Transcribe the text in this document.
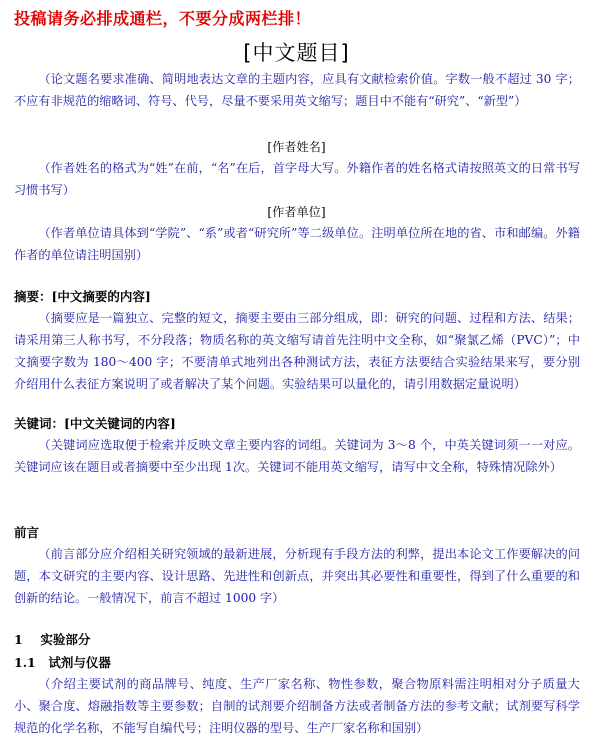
投稿请务必排成通栏，不要分成两栏排！
[中文题目]
（论文题名要求准确、简明地表达文章的主题内容，应具有文献检索价值。字数一般不超过 30 字；不应有非规范的缩略词、符号、代号，尽量不要采用英文缩写；题目中不能有“研究”、“新型”）
[作者姓名]
（作者姓名的格式为“姓”在前，“名”在后，首字母大写。外籍作者的姓名格式请按照英文的日常书写习惯书写）
[作者单位]
（作者单位请具体到“学院”、“系”或者“研究所”等二级单位。注明单位所在地的省、市和邮编。外籍作者的单位请注明国别）
摘要：[中文摘要的内容]
（摘要应是一篇独立、完整的短文，摘要主要由三部分组成，即：研究的问题、过程和方法、结果；请采用第三人称书写，不分段落；物质名称的英文缩写请首先注明中文全称，如“聚氯乙烯（PVC）”；中文摘要字数为 180～400 字；不要清单式地列出各种测试方法，表征方法要结合实验结果来写，要分别介绍用什么表征方案说明了或者解决了某个问题。实验结果可以量化的，请引用数据定量说明）
关键词：[中文关键词的内容]
（关键词应选取便于检索并反映文章主要内容的词组。关键词为 3～8 个，中英关键词须一一对应。关键词应该在题目或者摘要中至少出现 1次。关键词不能用英文缩写，请写中文全称，特殊情况除外）
前言
（前言部分应介绍相关研究领域的最新进展，分析现有手段方法的利弊，提出本论文工作要解决的问题，本文研究的主要内容、设计思路、先进性和创新点，并突出其必要性和重要性，得到了什么重要的和创新的结论。一般情况下，前言不超过 1000 字）
1 实验部分
1.1 试剂与仪器
（介绍主要试剂的商品牌号、纯度、生产厂家名称、物性参数，聚合物原料需注明相对分子质量大小、聚合度、熔融指数等主要参数；自制的试剂要介绍制备方法或者制备方法的参考文献；试剂要写科学规范的化学名称，不能写自编代号；注明仪器的型号、生产厂家名称和国别）
